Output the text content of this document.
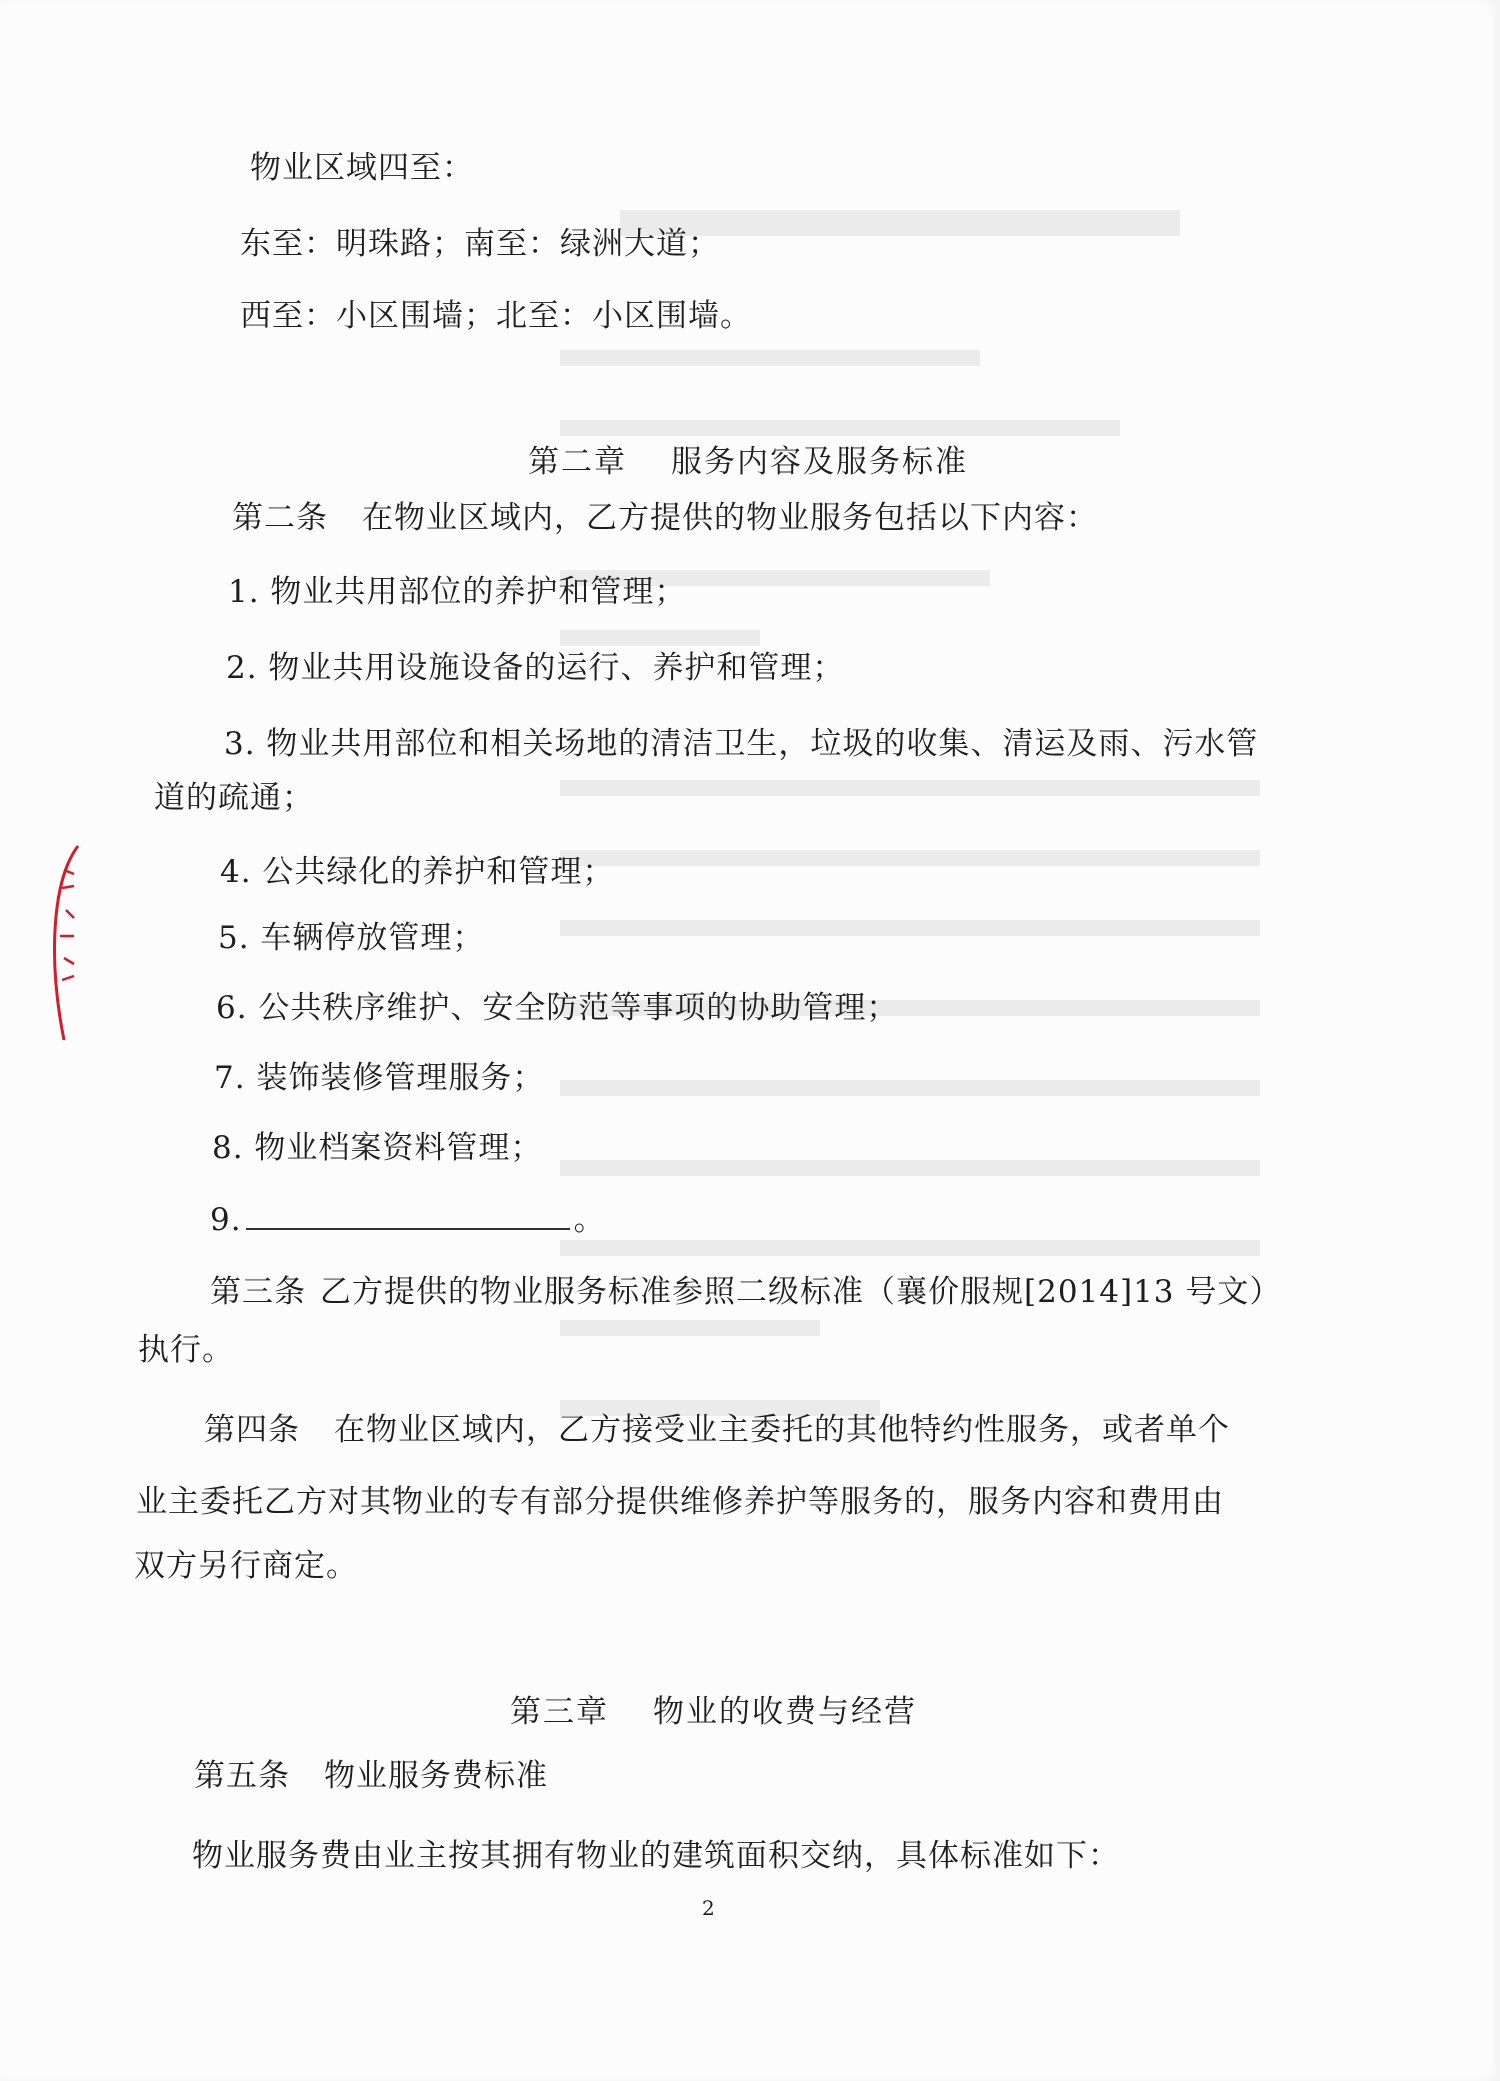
物业区域四至：
东至：明珠路；南至：绿洲大道；
西至：小区围墙；北至：小区围墙。
第二章 服务内容及服务标准
第二条 在物业区域内，乙方提供的物业服务包括以下内容：
1. 物业共用部位的养护和管理；
2. 物业共用设施设备的运行、养护和管理；
3. 物业共用部位和相关场地的清洁卫生，垃圾的收集、清运及雨、污水管
道的疏通；
4. 公共绿化的养护和管理；
5. 车辆停放管理；
6. 公共秩序维护、安全防范等事项的协助管理；
7. 装饰装修管理服务；
8. 物业档案资料管理；
9.	。
第三条 乙方提供的物业服务标准参照二级标准（襄价服规[2014]13 号文）
执行。
第四条 在物业区域内，乙方接受业主委托的其他特约性服务，或者单个
业主委托乙方对其物业的专有部分提供维修养护等服务的，服务内容和费用由
双方另行商定。
第三章 物业的收费与经营
第五条 物业服务费标准
物业服务费由业主按其拥有物业的建筑面积交纳，具体标准如下：
2
